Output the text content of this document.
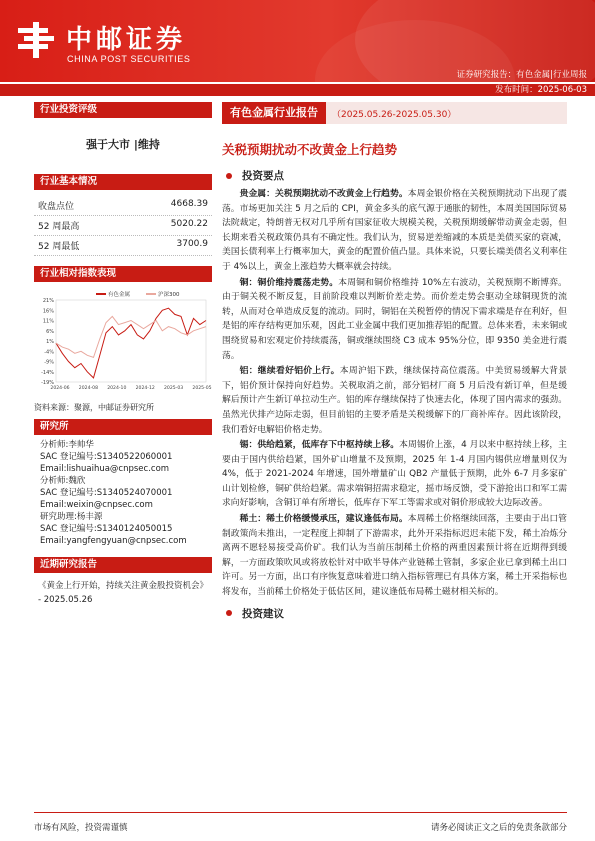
中邮证券
CHINA POST SECURITIES
证券研究报告：有色金属|行业周报
发布时间：2025-06-03
行业投资评级
强于大市 |维持
行业基本情况
收盘点位	4668.39
52 周最高	5020.22
52 周最低	3700.9
行业相对指数表现
21%
16%
11%
6%
1%
-4%
-9%
-14%
-19%
2024-06 2024-08 2024-10 2024-12 2025-03 2025-05
有色金属	沪深300
资料来源：聚源，中邮证券研究所
研究所
分析师:李帅华
SAC 登记编号:S1340522060001
Email:lishuaihua@cnpsec.com
分析师:魏欣
SAC 登记编号:S1340524070001
Email:weixin@cnpsec.com
研究助理:杨丰源
SAC 登记编号:S1340124050015
Email:yangfengyuan@cnpsec.com
近期研究报告
《黄金上行开始，持续关注黄金股投资机会》 - 2025.05.26
有色金属行业报告	（2025.05.26-2025.05.30）
关税预期扰动不改黄金上行趋势
投资要点

贵金属：关税预期扰动不改黄金上行趋势。本周金银价格在关税预期扰动下出现了震荡。市场更加关注 5 月之后的 CPI，黄金多头的底气源于通胀的韧性，本周美国国际贸易法院裁定，特朗普无权对几乎所有国家征收大规模关税，关税预期缓解带动黄金走弱，但长期来看关税政策仍具有不确定性。我们认为，贸易逆差缩减的本质是美债买家的衰减，美国长债利率上行概率加大，黄金的配置价值凸显。具体来说，只要长端美债名义利率住于 4%以上，黄金上涨趋势大概率就会持续。

铜：铜价维持震荡走势。本周铜和铜价格维持 10%左右波动，关税预期不断博弈。由于铜关税不断反复，目前阶段难以判断价差走势。而价差走势会驱动全球铜现货的流转，从而对仓单造成反复的流动。同时，铜铝在关税暂停的情况下需求端是存在利好，但是铝的库存结构更加乐观，因此工业金属中我们更加推荐铝的配置。总体来看，未来铜或围绕贸易和宏观定价持续震荡，铜或继续围绕 C3 成本 95%分位，即 9350 美金进行震荡。

铝：继续看好铝价上行。本周沪铝下跌，继续保持高位震荡。中美贸易缓解大背景下，铝价预计保持向好趋势。关税取消之前，部分铝材厂商 5 月后没有新订单，但是缓解后预计产生新订单拉动生产。铝的库存继续保持了快速去化，体现了国内需求的强劲。虽然光伏排产边际走弱，但目前铝的主要矛盾是关税缓解下的厂商补库存。因此该阶段，我们看好电解铝价格走势。

锡：供给趋紧，低库存下中枢持续上移。本周锡价上涨，4 月以来中枢持续上移，主要由于国内供给趋紧，国外矿山增量不及预期，2025 年 1-4 月国内锡供应增量则仅为 4%，低于 2021-2024 年增速，国外增量矿山 QB2 产量低于预期，此外 6-7 月多家矿山计划检修，铜矿供给趋紧。需求端铜招需求稳定，摇市场反馈，受下游抢出口和军工需求向好影响，含铜订单有所增长，低库存下军工等需求或对铜价形成较大边际改善。

稀土：稀土价格缓慢承压，建议逢低布局。本周稀土价格继续回落，主要由于出口管制政策尚未推出，一定程度上抑制了下游需求，此外开采指标迟迟未能下发，稀土冶炼分离两不愿轻易接受高价矿。我们认为当前压制稀土价格的两重因素预计将在近期得到缓解，一方面政策吹风或将放松针对中欧半导体产业链稀土管制，多家企业已拿到稀土出口许可。另一方面，出口有序恢复意味着进口纳入指标管理已有具体方案，稀土开采指标也将发布，当前稀土价格处于低估区间，建议逢低布局稀土磁材相关标的。

投资建议
市场有风险，投资需谨慎	请务必阅读正文之后的免责条款部分
